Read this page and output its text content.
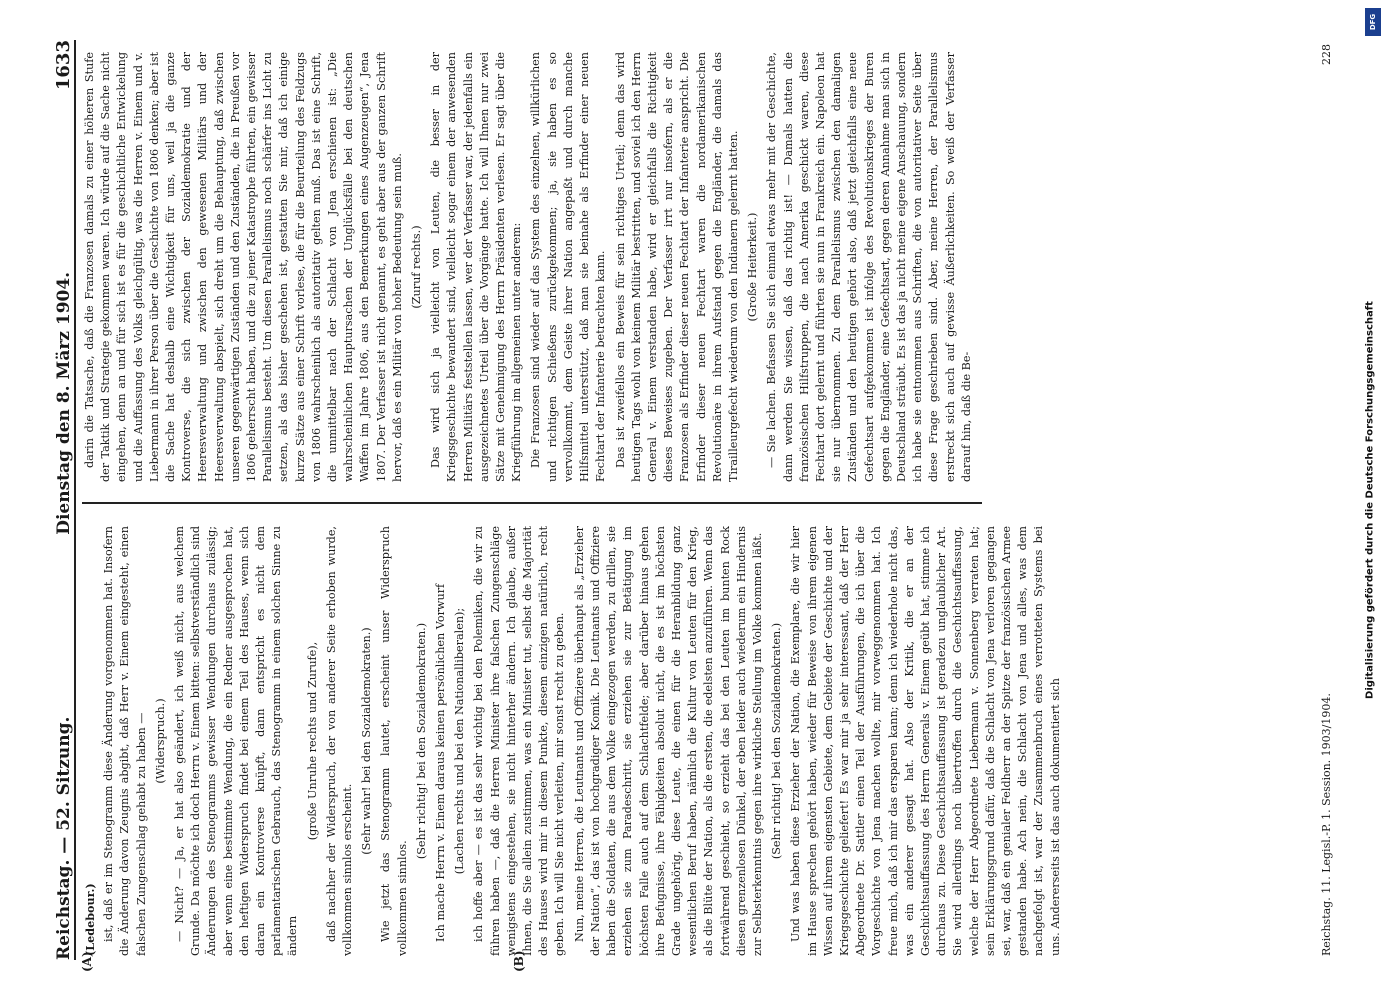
Reichstag. — 52. Sitzung.
Dienstag den 8. März 1904.
1633
(A)	(B)

(Ledebour.) ist, daß er im Stenogramm diese Änderung vorgenommen hat. Insofern die Änderung davon Zeugnis abgibt, daß Herr v. Einem eingesteht, einen falschen Zungenschlag gehabt zu haben — (Widerspruch.) — Nicht? — Ja, er hat also geändert, ich weiß nicht, aus welchem Grunde. Da möchte ich doch Herrn v. Einem bitten: selbstverständlich sind Änderungen des Stenogramms gewisser Wendungen durchaus zulässig; aber wenn eine bestimmte Wendung, die ein Redner ausgesprochen hat, den heftigen Widerspruch findet bei einem Teil des Hauses, wenn sich daran ein Kontroverse knüpft, dann entspricht es nicht dem parlamentarischen Gebrauch, das Stenogramm in einem solchen Sinne zu ändern

(große Unruhe rechts und Zurufe), daß nachher der Widerspruch, der von anderer Seite erhoben wurde, vollkommen sinnlos erscheint.

(Sehr wahr! bei den Sozialdemokraten.) Wie jetzt das Stenogramm lautet, erscheint unser Widerspruch vollkommen sinnlos.

(Sehr richtig! bei den Sozialdemokraten.) Ich mache Herrn v. Einem daraus keinen persönlichen Vorwurf (Lachen rechts und bei den Nationalliberalen); ich hoffe aber — es ist das sehr wichtig bei den Polemiken, die wir zu führen haben —, daß die Herren Minister ihre falschen Zungenschläge wenigstens eingestehen, sie nicht hinterher ändern. Ich glaube, außer Ihnen, die Sie allein zustimmen, was ein Minister tut, selbst die Majorität des Hauses wird mir in diesem Punkte, diesem einzigen natürlich, recht geben. Ich will Sie nicht verleiten, mir sonst recht zu geben. Nun, meine Herren, die Leutnants und Offiziere überhaupt als „Erzieher der Nation“, das ist von hochgradiger Komik. Die Leutnants und Offiziere haben die Soldaten, die aus dem Volke eingezogen werden, zu drillen, sie erziehen sie zum Paradeschritt, sie erziehen sie zur Betätigung im höchsten Falle auch auf dem Schlachtfelde; aber darüber hinaus gehen ihre Befugnisse, ihre Fähigkeiten absolut nicht, die es ist im höchsten Grade ungehörig, diese Leute, die einen für die Heranbildung ganz wesentlichen Beruf haben, nämlich die Kultur von Leuten für den Krieg, als die Blüte der Nation, als die ersten, die edelsten anzuführen. Wenn das fortwährend geschieht, so erzieht das bei den Leuten im bunten Rock diesen grenzenlosen Dünkel, der eben leider auch wiederum ein Hindernis zur Selbsterkenntnis gegen ihre wirkliche Stellung im Volke kommen läßt. (Sehr richtig! bei den Sozialdemokraten.) Und was haben diese Erzieher der Nation, die Exemplare, die wir hier im Hause sprechen gehört haben, wieder für Beweise von ihrem eigenen Wissen auf ihrem eigensten Gebiete, dem Gebiete der Geschichte und der Kriegsgeschichte geliefert! Es war mir ja sehr interessant, daß der Herr Abgeordnete Dr. Sattler einen Teil der Ausführungen, die ich über die Vorgeschichte von Jena machen wollte, mir vorweggenommen hat. Ich freue mich, daß ich mir das ersparen kann; denn ich wiederhole nicht das, was ein anderer gesagt hat. Also der Kritik, die er an der Geschichtsauffassung des Herrn Generals v. Einem geübt hat, stimme ich durchaus zu. Diese Geschichtsauffassung ist geradezu unglaublicher Art. Sie wird allerdings noch übertroffen durch die Geschichtsauffassung, welche der Herr Abgeordnete Liebermann v. Sonnenberg verraten hat; sein Erklärungsgrund dafür, daß die Schlacht von Jena verloren gegangen sei, war, daß ein genialer Feldherr an der Spitze der französischen Armee gestanden habe. Ach nein, die Schlacht von Jena und alles, was dem nachgefolgt ist, war der Zusammenbruch eines verrotteten Systems bei uns. Andererseits ist das auch dokumentiert sich

darin die Tatsache, daß die Franzosen damals zu einer höheren Stufe der Taktik und Strategie gekommen waren. Ich würde auf die Sache nicht eingehen, denn an und für sich ist es für die geschichtliche Entwickelung und die Auffassung des Volks gleichgültig, was die Herren v. Einem und v. Liebermann in ihrer Person über die Geschichte von 1806 denken; aber ist die Sache hat deshalb eine Wichtigkeit für uns, weil ja die ganze Kontroverse, die sich zwischen der Sozialdemokratie und der Heeresverwaltung und zwischen den gewesenen Militärs und der Heeresverwaltung abspielt, sich dreht um die Behauptung, daß zwischen unseren gegenwärtigen Zuständen und den Zuständen, die in Preußen vor 1806 geherrscht haben, und die zu jener Katastrophe führten, ein gewisser Parallelismus besteht. Um diesen Parallelismus noch schärfer ins Licht zu setzen, als das bisher geschehen ist, gestatten Sie mir, daß ich einige kurze Sätze aus einer Schrift vorlese, die für die Beurteilung des Feldzugs von 1806 wahrscheinlich als autoritativ gelten muß. Das ist eine Schrift, die unmittelbar nach der Schlacht von Jena erschienen ist: „Die wahrscheinlichen Hauptursachen der Unglücksfälle bei den deutschen Waffen im Jahre 1806, aus den Bemerkungen eines Augenzeugen“, Jena 1807. Der Verfasser ist nicht genannt, es geht aber aus der ganzen Schrift hervor, daß es ein Militär von hoher Bedeutung sein muß. (Zuruf rechts.) Das wird sich ja vielleicht von Leuten, die besser in der Kriegsgeschichte bewandert sind, vielleicht sogar einem der anwesenden Herren Militärs feststellen lassen, wer der Verfasser war, der jedenfalls ein ausgezeichnetes Urteil über die Vorgänge hatte. Ich will Ihnen nur zwei Sätze mit Genehmigung des Herrn Präsidenten verlesen. Er sagt über die Kriegführung im allgemeinen unter anderem: Die Franzosen sind wieder auf das System des einzelnen, willkürlichen und richtigen Schießens zurückgekommen; ja, sie haben es so vervollkommt, dem Geiste ihrer Nation angepaßt und durch manche Hilfsmittel unterstützt, daß man sie beinahe als Erfinder einer neuen Fechtart der Infanterie betrachten kann. Das ist zweifellos ein Beweis für sein richtiges Urteil; denn das wird heutigen Tags wohl von keinem Militär bestritten, und soviel ich den Herrn General v. Einem verstanden habe, wird er gleichfalls die Richtigkeit dieses Beweises zugeben. Der Verfasser irrt nur insofern, als er die Franzosen als Erfinder dieser neuen Fechtart der Infanterie anspricht. Die Erfinder dieser neuen Fechtart waren die nordamerikanischen Revolutionäre in ihrem Aufstand gegen die Engländer, die damals das Tirailleurgefecht wiederum von den Indianern gelernt hatten. (Große Heiterkeit.) — Sie lachen. Befassen Sie sich einmal etwas mehr mit der Geschichte, dann werden Sie wissen, daß das richtig ist! — Damals hatten die französischen Hilfstruppen, die nach Amerika geschickt waren, diese Fechtart dort gelernt und führten sie nun in Frankreich ein. Napoleon hat sie nur übernommen. Zu dem Parallelismus zwischen den damaligen Zuständen und den heutigen gehört also, daß jetzt gleichfalls eine neue Gefechtsart aufgekommen ist infolge des Revolutionskrieges der Buren gegen die Engländer, eine Gefechtsart, gegen deren Annahme man sich in Deutschland sträubt. Es ist das ja nicht meine eigene Anschauung, sondern ich habe sie entnommen aus Schriften, die von autoritativer Seite über diese Frage geschrieben sind. Aber, meine Herren, der Parallelismus erstreckt sich auch auf gewisse Äußerlichkeiten. So weiß der Verfasser darauf hin, daß die Be-

Reichstag. 11. Legisl.-P. 1. Session. 1903/1904.
228
Digitalisierung gefördert durch die Deutsche Forschungsgemeinschaft
DFG
